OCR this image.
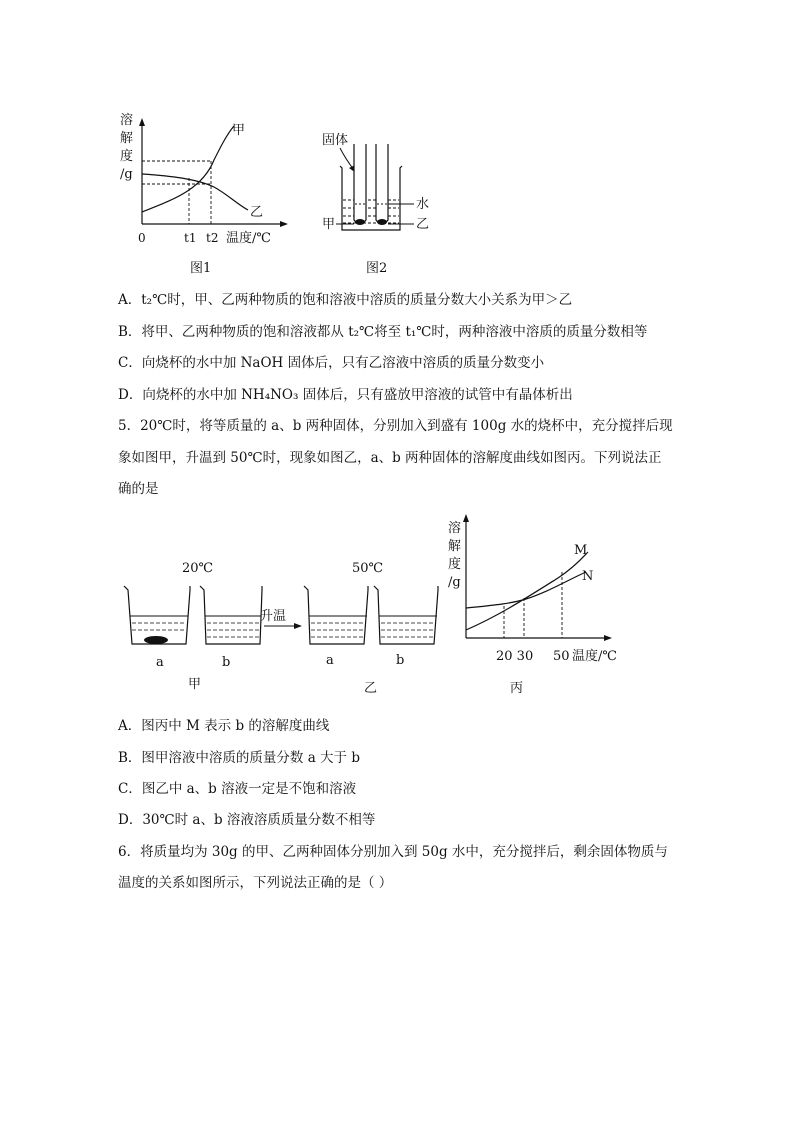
溶
解
度
/g
甲
乙
0	t1 t2 温度/℃
图1
固体
水
甲	乙
图2
A．t₂℃时，甲、乙两种物质的饱和溶液中溶质的质量分数大小关系为甲＞乙
B．将甲、乙两种物质的饱和溶液都从 t₂℃将至 t₁℃时，两种溶液中溶质的质量分数相等
C．向烧杯的水中加 NaOH 固体后，只有乙溶液中溶质的质量分数变小
D．向烧杯的水中加 NH₄NO₃ 固体后，只有盛放甲溶液的试管中有晶体析出
5．20℃时，将等质量的 a、b 两种固体，分别加入到盛有 100g 水的烧杯中，充分搅拌后现
象如图甲，升温到 50℃时，现象如图乙，a、b 两种固体的溶解度曲线如图丙。下列说法正
确的是
20℃	50℃
a	b
升温
a	b
甲	乙
溶
解
度
/g
M
N
20 30 50 温度/℃
丙
A．图丙中 M 表示 b 的溶解度曲线
B．图甲溶液中溶质的质量分数 a 大于 b
C．图乙中 a、b 溶液一定是不饱和溶液
D．30℃时 a、b 溶液溶质质量分数不相等
6．将质量均为 30g 的甲、乙两种固体分别加入到 50g 水中，充分搅拌后，剩余固体物质与
温度的关系如图所示，下列说法正确的是（ ）
